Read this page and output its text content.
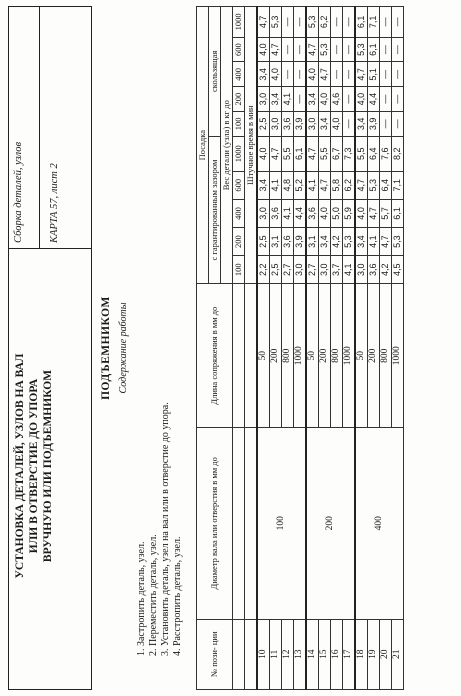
УСТАНОВКА ДЕТАЛЕЙ, УЗЛОВ НА ВАЛ ИЛИ В ОТВЕРСТИЕ ДО УПОРА ВРУЧНУЮ ИЛИ ПОДЪЕМНИКОМ
Сборка деталей, узлов КАРТА 57, лист 2
ПОДЪЕМНИКОМ Содержание работы
1. Застропить деталь, узел. 2. Переместить деталь, узел. 3. Установить деталь, узел на вал или в отверстие до упора. 4. Расстропить деталь, узел.	№ пози- ции	Диаметр вала или отверстия в мм до	Длина сопряжения в мм до	Посадка									
			с гарантированным зазором					скользящая				
			Вес детали (узла) в кг до									
			100	200	400	600	1000	100	200	400	600	1000
			Штучное время в мин									
10	100	50	2,2	2,5	3,0	3,4	4,0	2,5	3,0	3,4	4,0	4,7
11		200	2,5	3,1	3,6	4,1	4,7	3,0	3,4	4,0	4,7	5,3
12		800	2,7	3,6	4,1	4,8	5,5	3,6	4,1	—	—	—
13		1000	3,0	3,9	4,4	5,2	6,1	3,9	—	—	—	—
14	200	50	2,7	3,1	3,6	4,1	4,7	3,0	3,4	4,0	4,7	5,3
15		200	3,0	3,4	4,0	4,7	5,5	3,4	4,0	4,7	5,3	6,2
16		800	3,7	4,2	5,0	5,8	6,7	4,0	4,6	—	—	—
17		1000	4,1	5,3	5,9	6,2	7,3	—	—	—	—	—
18	400	50	3,0	3,4	4,0	4,7	5,5	3,4	4,0	4,7	5,3	6,1
19		200	3,6	4,1	4,7	5,3	6,4	3,9	4,4	5,1	6,1	7,1
20		800	4,2	4,7	5,7	6,4	7,6	—	—	—	—	—
21		1000	4,5	5,3	6,1	7,1	8,2	—	—	—	—	—
